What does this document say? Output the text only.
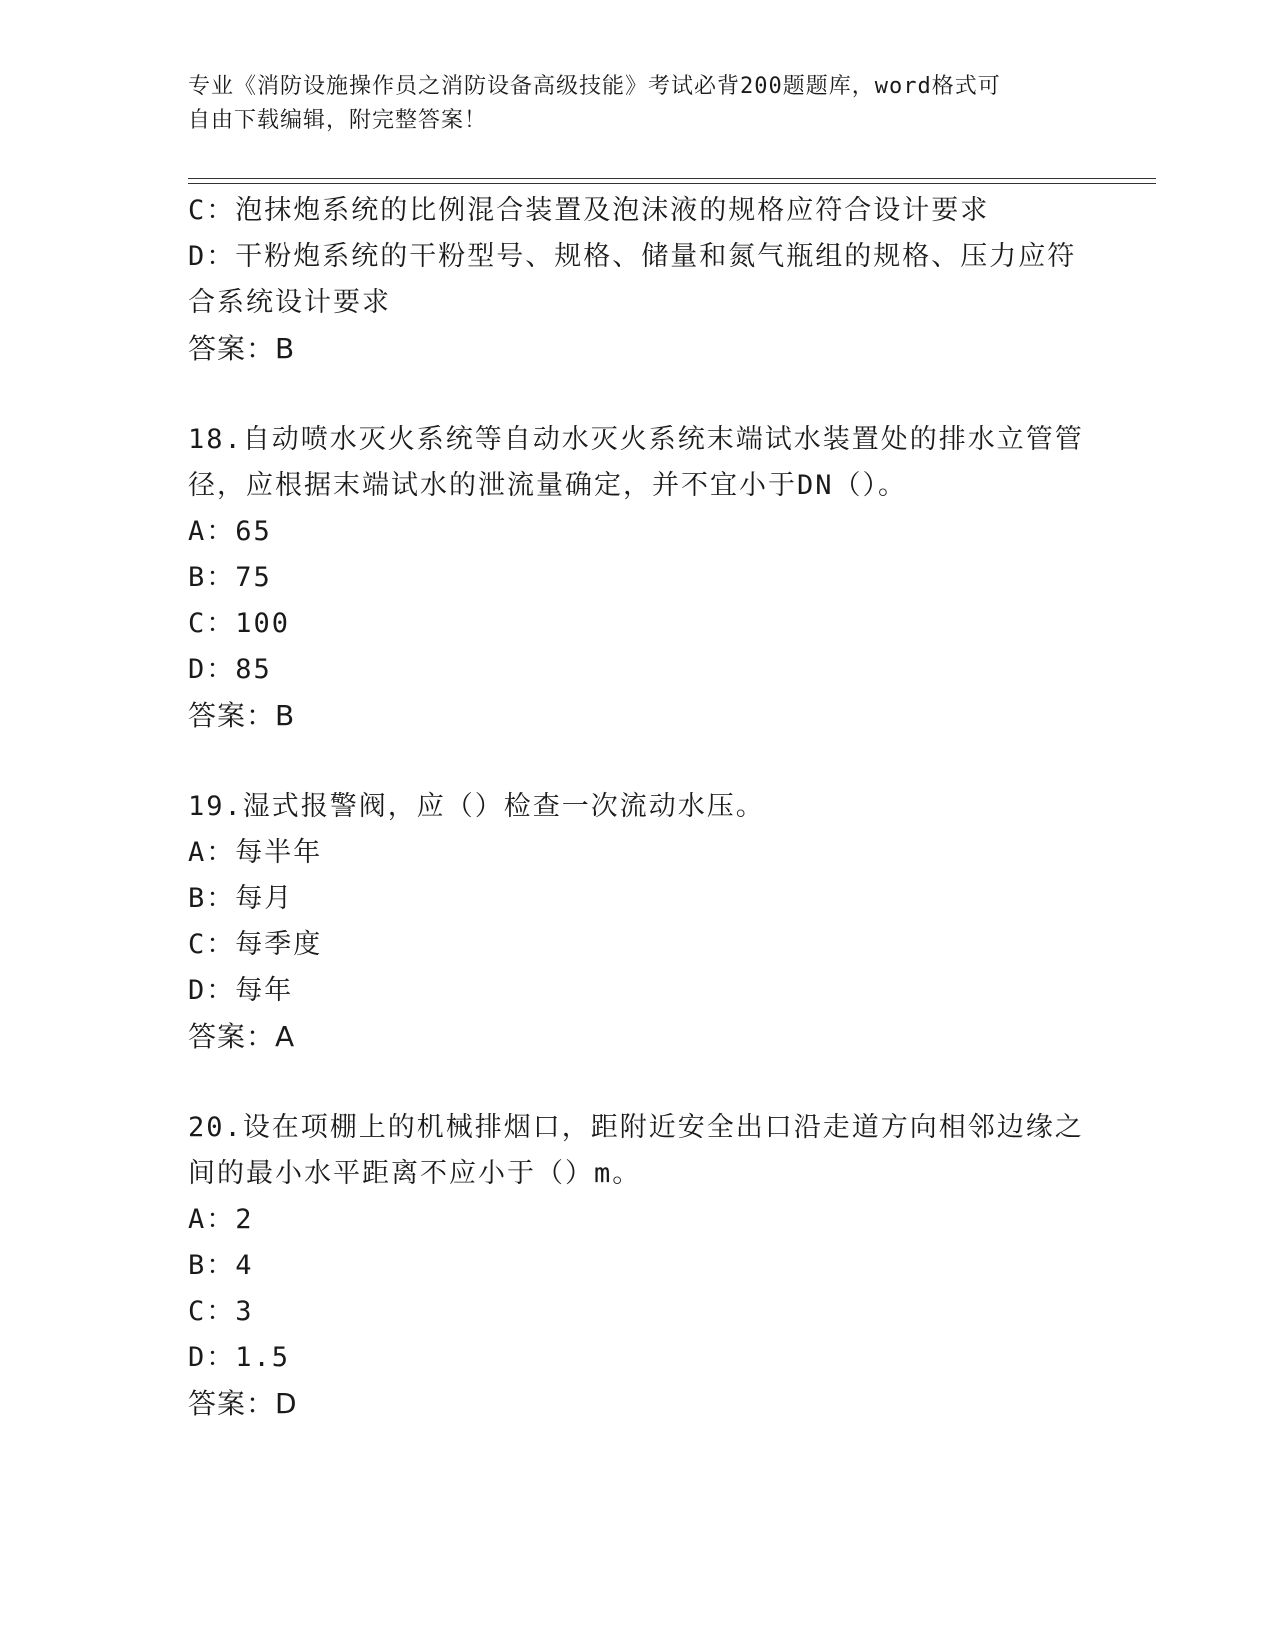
专业《消防设施操作员之消防设备高级技能》考试必背200题题库，word格式可
自由下载编辑，附完整答案！
C：泡抹炮系统的比例混合装置及泡沫液的规格应符合设计要求
D：干粉炮系统的干粉型号、规格、储量和氮气瓶组的规格、压力应符
合系统设计要求
答案：B
18.自动喷水灭火系统等自动水灭火系统末端试水装置处的排水立管管
径，应根据末端试水的泄流量确定，并不宜小于DN（）。
A：65
B：75
C：100
D：85
答案：B
19.湿式报警阀，应（）检查一次流动水压。
A：每半年
B：每月
C：每季度
D：每年
答案：A
20.设在项棚上的机械排烟口，距附近安全出口沿走道方向相邻边缘之
间的最小水平距离不应小于（）m。
A：2
B：4
C：3
D：1.5
答案：D
